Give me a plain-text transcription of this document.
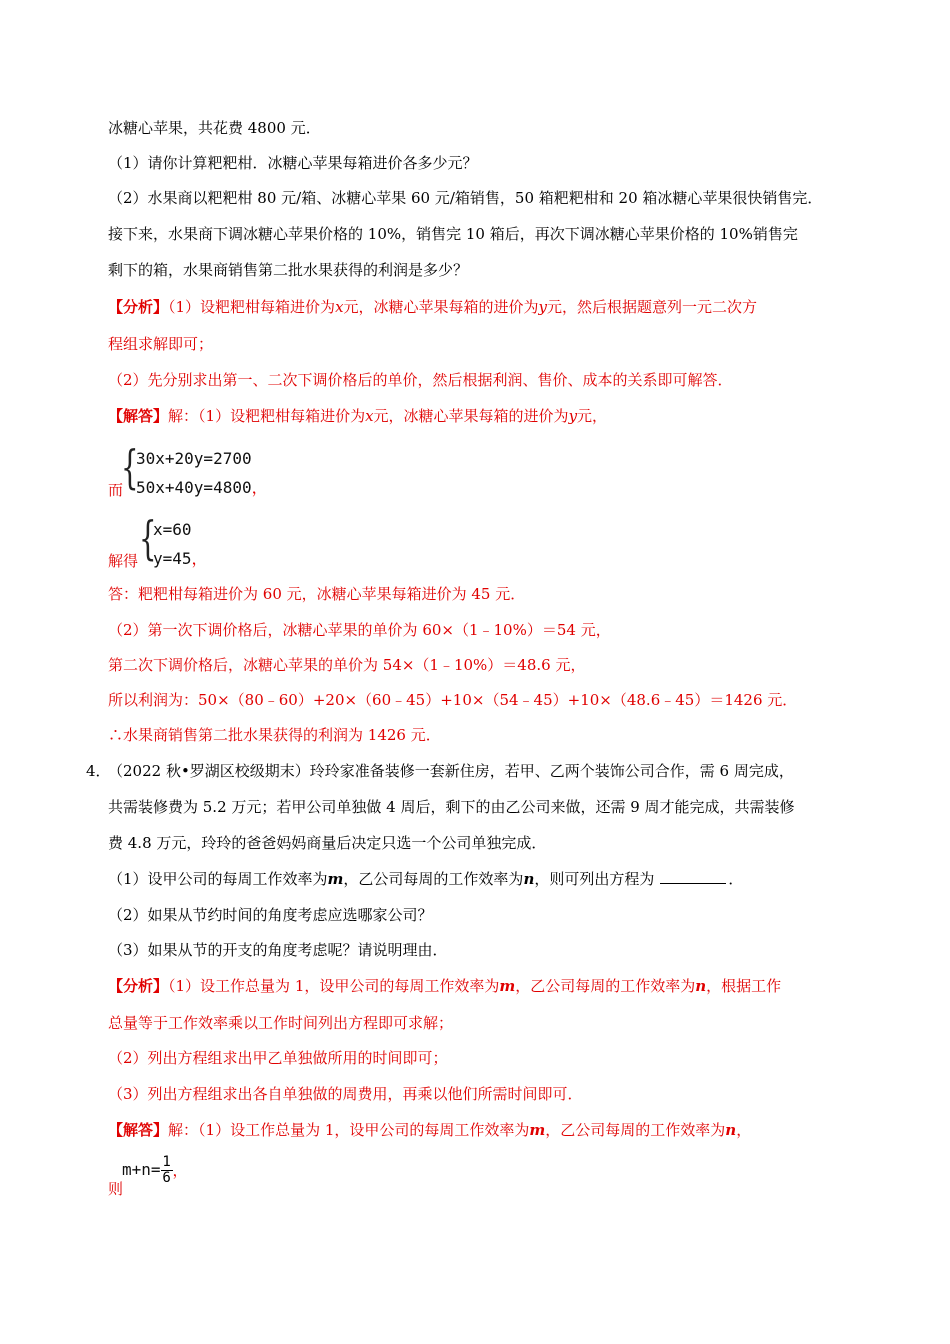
冰糖心苹果，共花费 4800 元．
（1）请你计算粑粑柑．冰糖心苹果每箱进价各多少元？
（2）水果商以粑粑柑 80 元/箱、冰糖心苹果 60 元/箱销售，50 箱粑粑柑和 20 箱冰糖心苹果很快销售完．
接下来，水果商下调冰糖心苹果价格的 10%，销售完 10 箱后，再次下调冰糖心苹果价格的 10%销售完
剩下的箱，水果商销售第二批水果获得的利润是多少？
【分析】（1）设粑粑柑每箱进价为x元，冰糖心苹果每箱的进价为y元，然后根据题意列一元二次方
程组求解即可；
（2）先分别求出第一、二次下调价格后的单价，然后根据利润、售价、成本的关系即可解答．
【解答】解：（1）设粑粑柑每箱进价为x元，冰糖心苹果每箱的进价为y元，
而
{
30x+20y=2700
50x+40y=4800，
解得 {
x=60
y=45，
答：粑粑柑每箱进价为 60 元，冰糖心苹果每箱进价为 45 元．
（2）第一次下调价格后，冰糖心苹果的单价为 60×（1﹣10%）＝54 元，
第二次下调价格后，冰糖心苹果的单价为 54×（1﹣10%）＝48.6 元，
所以利润为：50×（80﹣60）+20×（60﹣45）+10×（54﹣45）+10×（48.6﹣45）＝1426 元．
∴水果商销售第二批水果获得的利润为 1426 元．
4．
（2022 秋•罗湖区校级期末）玲玲家准备装修一套新住房，若甲、乙两个装饰公司合作，需 6 周完成，
共需装修费为 5.2 万元；若甲公司单独做 4 周后，剩下的由乙公司来做，还需 9 周才能完成，共需装修
费 4.8 万元，玲玲的爸爸妈妈商量后决定只选一个公司单独完成．
（1）设甲公司的每周工作效率为m，乙公司每周的工作效率为n，则可列出方程为	．
（2）如果从节约时间的角度考虑应选哪家公司？
（3）如果从节的开支的角度考虑呢？请说明理由．
【分析】（1）设工作总量为 1，设甲公司的每周工作效率为m，乙公司每周的工作效率为n，根据工作
总量等于工作效率乘以工作时间列出方程即可求解；
（2）列出方程组求出甲乙单独做所用的时间即可；
（3）列出方程组求出各自单独做的周费用，再乘以他们所需时间即可．
【解答】解：（1）设工作总量为 1，设甲公司的每周工作效率为m，乙公司每周的工作效率为n，
则
$m+n= \frac{1}{6}$ ，
